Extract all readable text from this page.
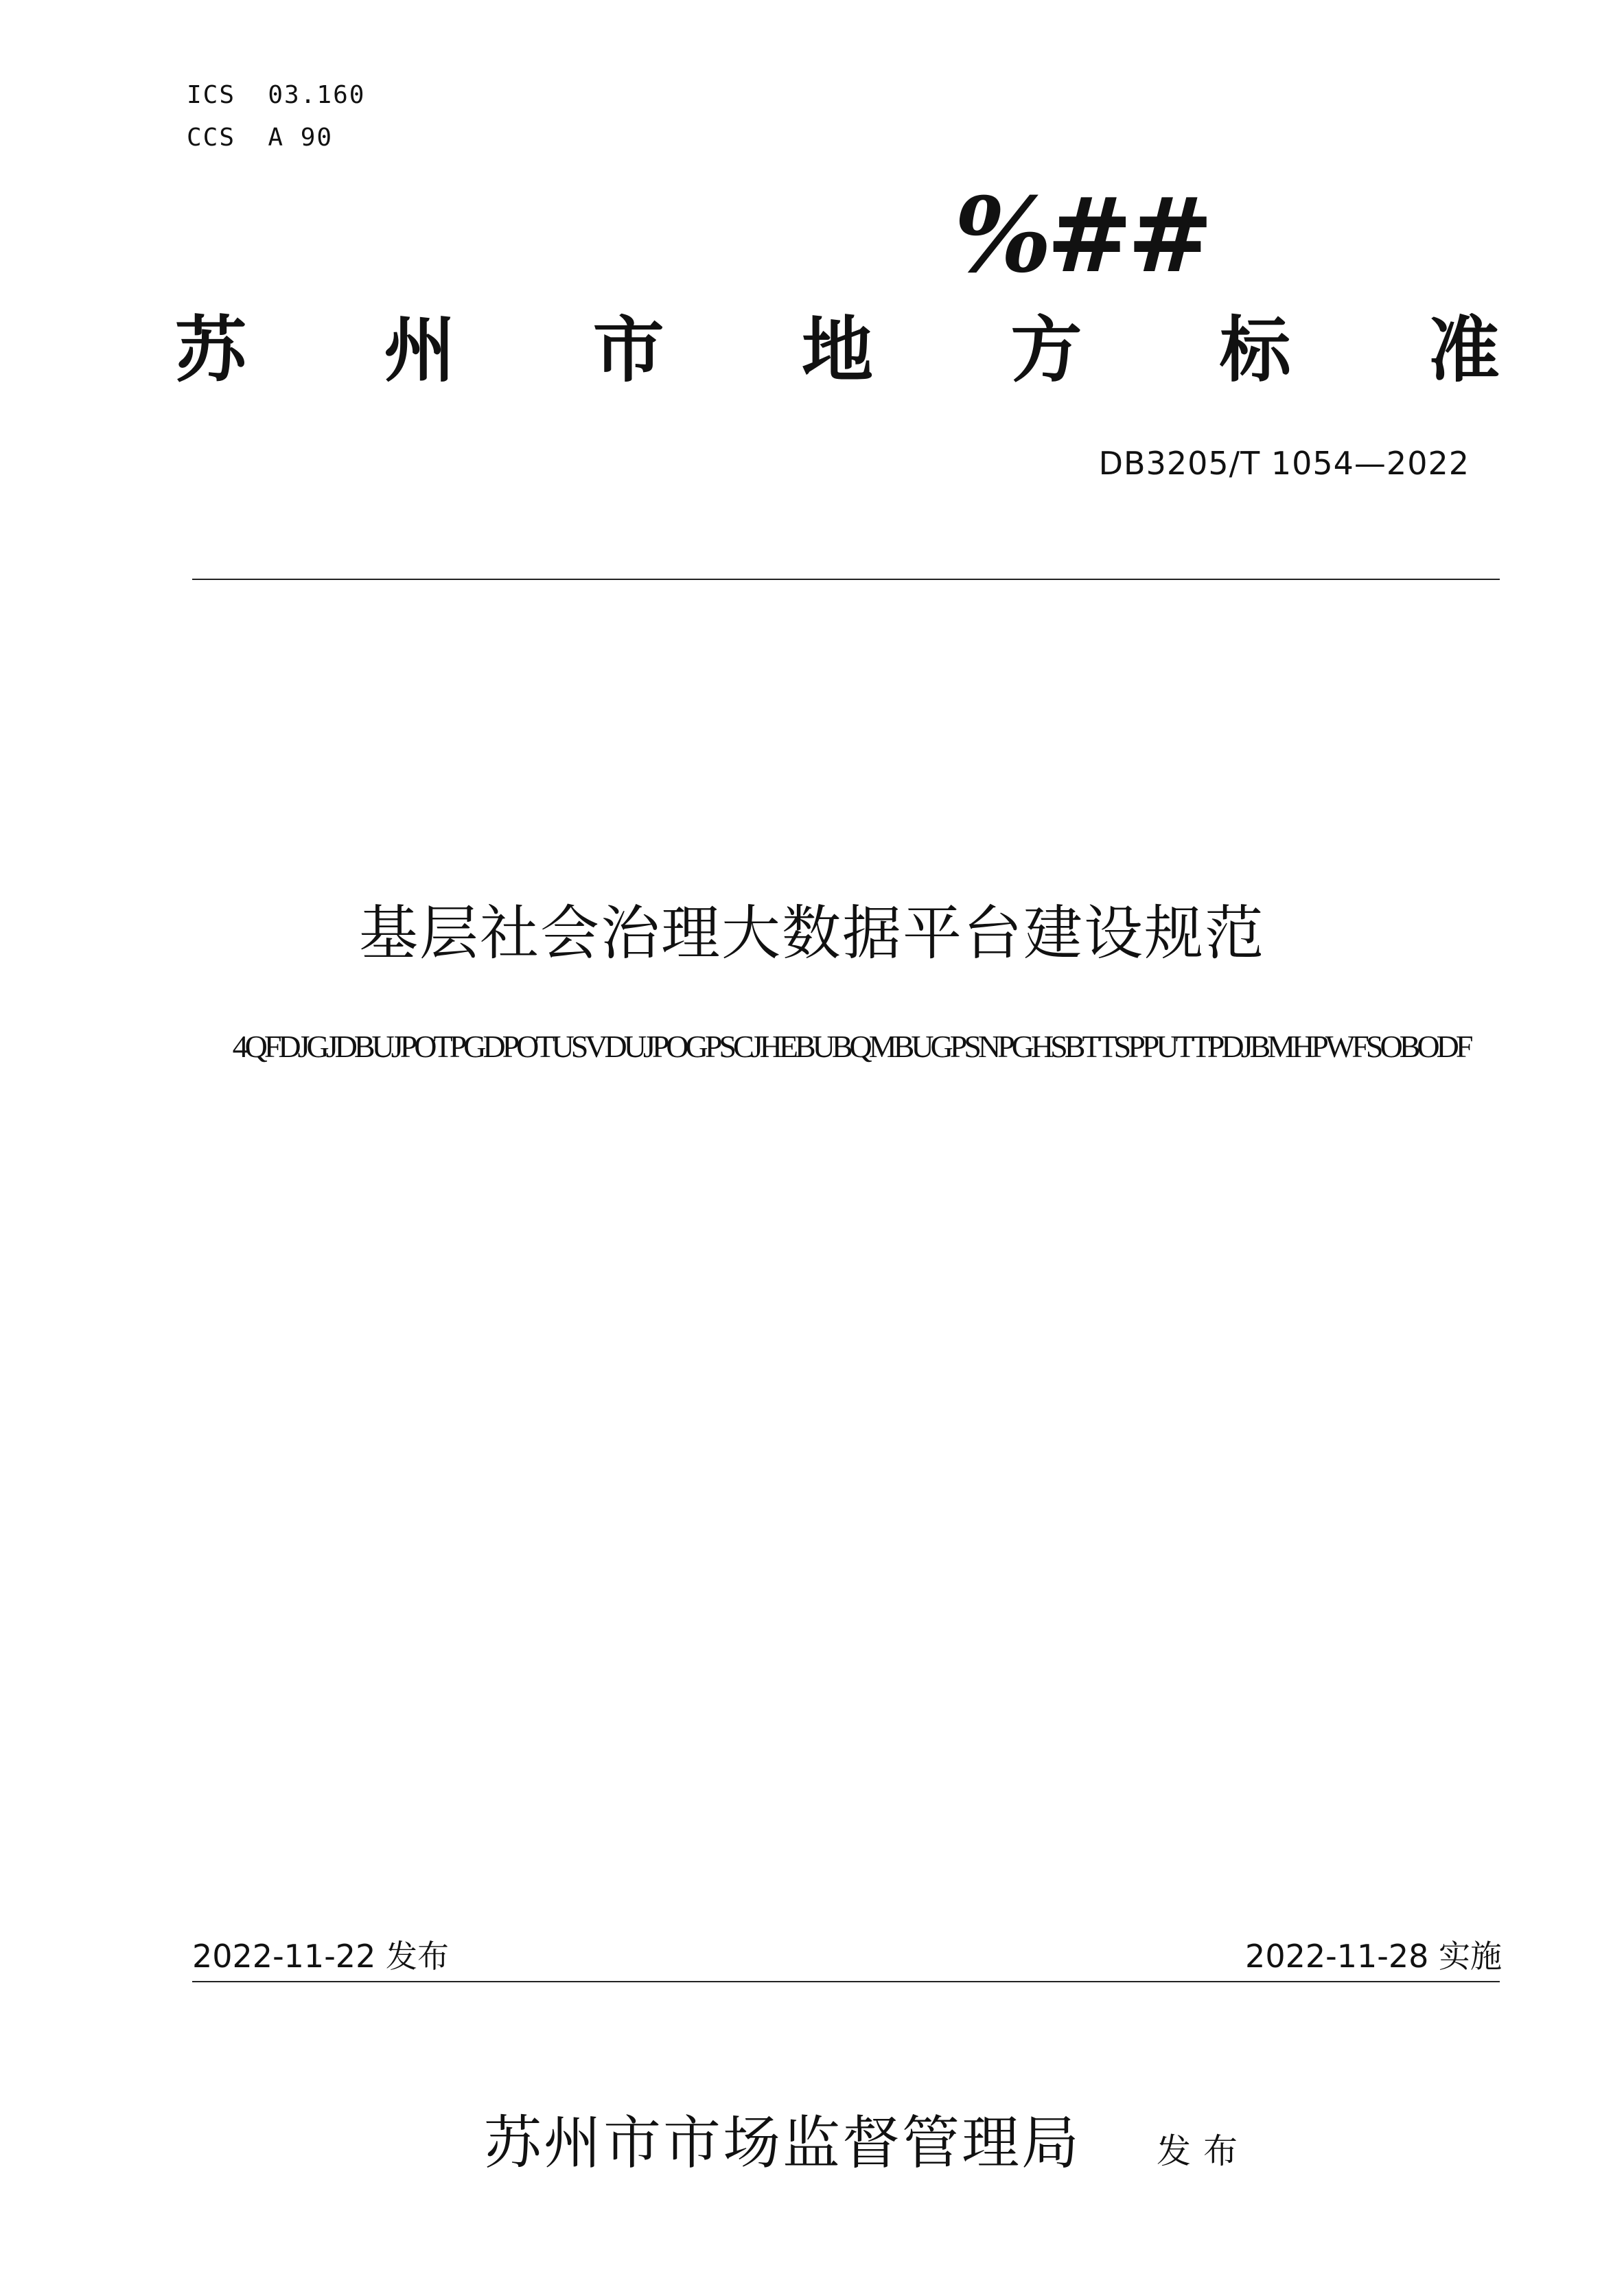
ICS  03.160
CCS  A 90
%##
苏 州 市 地 方 标 准
DB3205/T 1054—2022
基层社会治理大数据平台建设规范
4QFDJGJDBUJPOTPGDPOTUSVDUJPOGPSCJHEBUBQMBUGPSNPGHSBTTSPPUTTPDJBMHPWFSOBODF
2022-11-22 发布	2022-11-28 实施
苏州市市场监督管理局 发布
